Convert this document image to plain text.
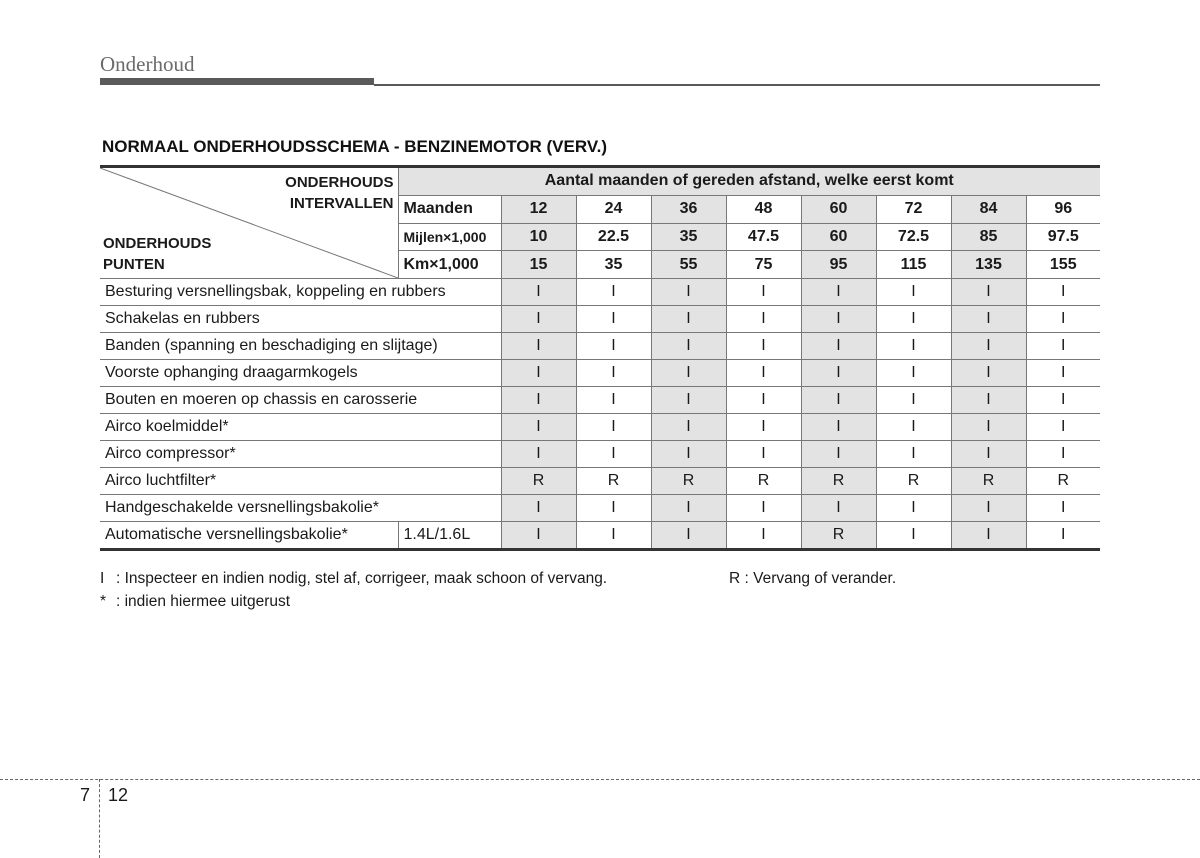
Onderhoud
NORMAAL ONDERHOUDSSCHEMA - BENZINEMOTOR (VERV.)
ONDERHOUDS
INTERVALLEN
ONDERHOUDS
PUNTEN	Aantal maanden of gereden afstand, welke eerst komt								
	Maanden	12	24	36	48	60	72	84	96
	Mijlen×1,000	10	22.5	35	47.5	60	72.5	85	97.5
	Km×1,000	15	35	55	75	95	115	135	155
Besturing versnellingsbak, koppeling en rubbers		I	I	I	I	I	I	I	I
Schakelas en rubbers		I	I	I	I	I	I	I	I
Banden (spanning en beschadiging en slijtage)		I	I	I	I	I	I	I	I
Voorste ophanging draagarmkogels		I	I	I	I	I	I	I	I
Bouten en moeren op chassis en carosserie		I	I	I	I	I	I	I	I
Airco koelmiddel*		I	I	I	I	I	I	I	I
Airco compressor*		I	I	I	I	I	I	I	I
Airco luchtfilter*		R	R	R	R	R	R	R	R
Handgeschakelde versnellingsbakolie*		I	I	I	I	I	I	I	I
Automatische versnellingsbakolie*	1.4L/1.6L	I	I	I	I	R	I	I	I
I : Inspecteer en indien nodig, stel af, corrigeer, maak schoon of vervang.	R : Vervang of verander.
* : indien hiermee uitgerust
7 12
